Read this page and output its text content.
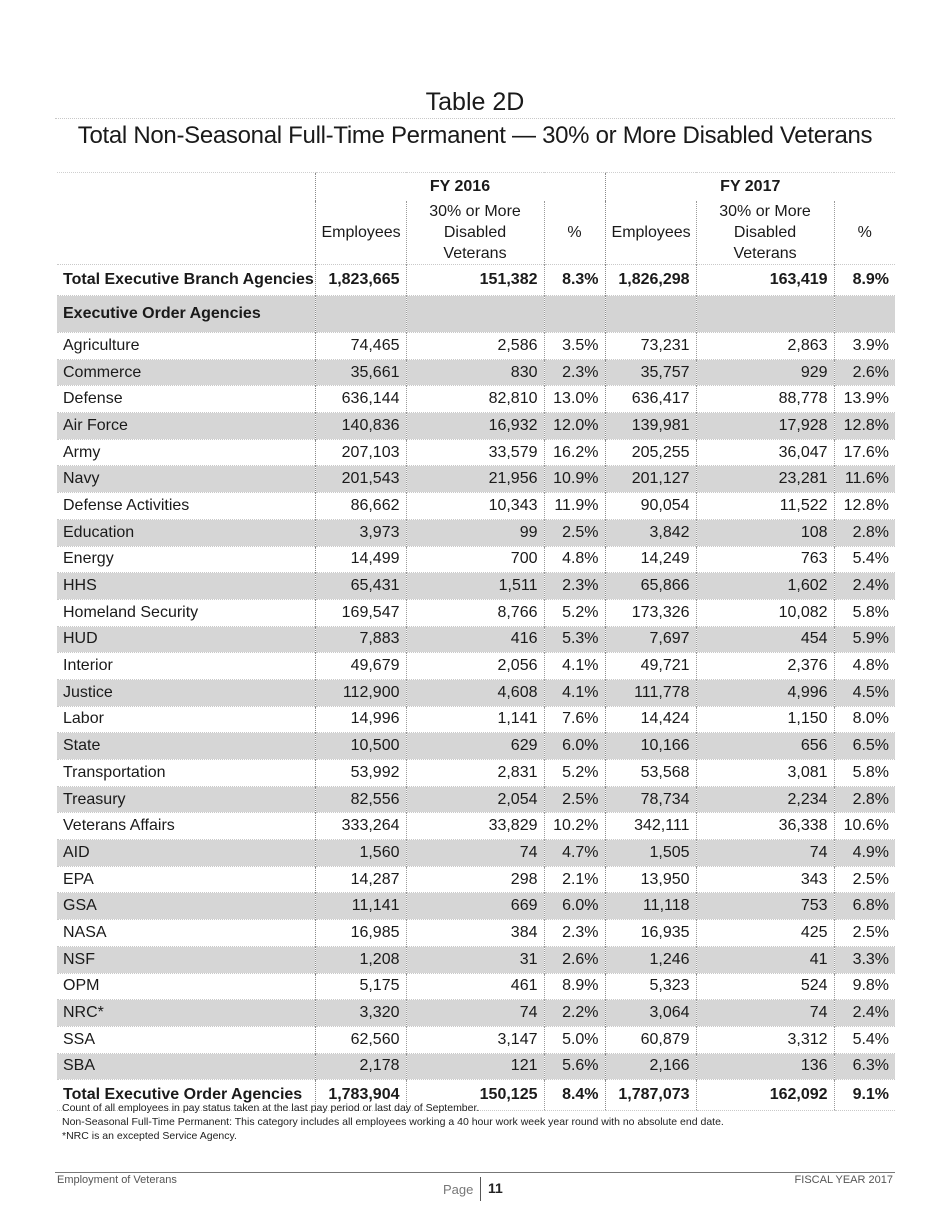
Table 2D
Total Non-Seasonal Full-Time Permanent — 30% or More Disabled Veterans
	FY 2016			FY 2017		
	Employees	30% or More Disabled Veterans	%	Employees	30% or More Disabled Veterans	%
Total Executive Branch Agencies	1,823,665	151,382	8.3%	1,826,298	163,419	8.9%
Executive Order Agencies						
Agriculture	74,465	2,586	3.5%	73,231	2,863	3.9%
Commerce	35,661	830	2.3%	35,757	929	2.6%
Defense	636,144	82,810	13.0%	636,417	88,778	13.9%
Air Force	140,836	16,932	12.0%	139,981	17,928	12.8%
Army	207,103	33,579	16.2%	205,255	36,047	17.6%
Navy	201,543	21,956	10.9%	201,127	23,281	11.6%
Defense Activities	86,662	10,343	11.9%	90,054	11,522	12.8%
Education	3,973	99	2.5%	3,842	108	2.8%
Energy	14,499	700	4.8%	14,249	763	5.4%
HHS	65,431	1,511	2.3%	65,866	1,602	2.4%
Homeland Security	169,547	8,766	5.2%	173,326	10,082	5.8%
HUD	7,883	416	5.3%	7,697	454	5.9%
Interior	49,679	2,056	4.1%	49,721	2,376	4.8%
Justice	112,900	4,608	4.1%	111,778	4,996	4.5%
Labor	14,996	1,141	7.6%	14,424	1,150	8.0%
State	10,500	629	6.0%	10,166	656	6.5%
Transportation	53,992	2,831	5.2%	53,568	3,081	5.8%
Treasury	82,556	2,054	2.5%	78,734	2,234	2.8%
Veterans Affairs	333,264	33,829	10.2%	342,111	36,338	10.6%
AID	1,560	74	4.7%	1,505	74	4.9%
EPA	14,287	298	2.1%	13,950	343	2.5%
GSA	11,141	669	6.0%	11,118	753	6.8%
NASA	16,985	384	2.3%	16,935	425	2.5%
NSF	1,208	31	2.6%	1,246	41	3.3%
OPM	5,175	461	8.9%	5,323	524	9.8%
NRC*	3,320	74	2.2%	3,064	74	2.4%
SSA	62,560	3,147	5.0%	60,879	3,312	5.4%
SBA	2,178	121	5.6%	2,166	136	6.3%
Total Executive Order Agencies	1,783,904	150,125	8.4%	1,787,073	162,092	9.1%
Count of all employees in pay status taken at the last pay period or last day of September.
Non-Seasonal Full-Time Permanent: This category includes all employees working a 40 hour work week year round with no absolute end date.
*NRC is an excepted Service Agency.
Employment of Veterans	FISCAL YEAR 2017
Page 11
